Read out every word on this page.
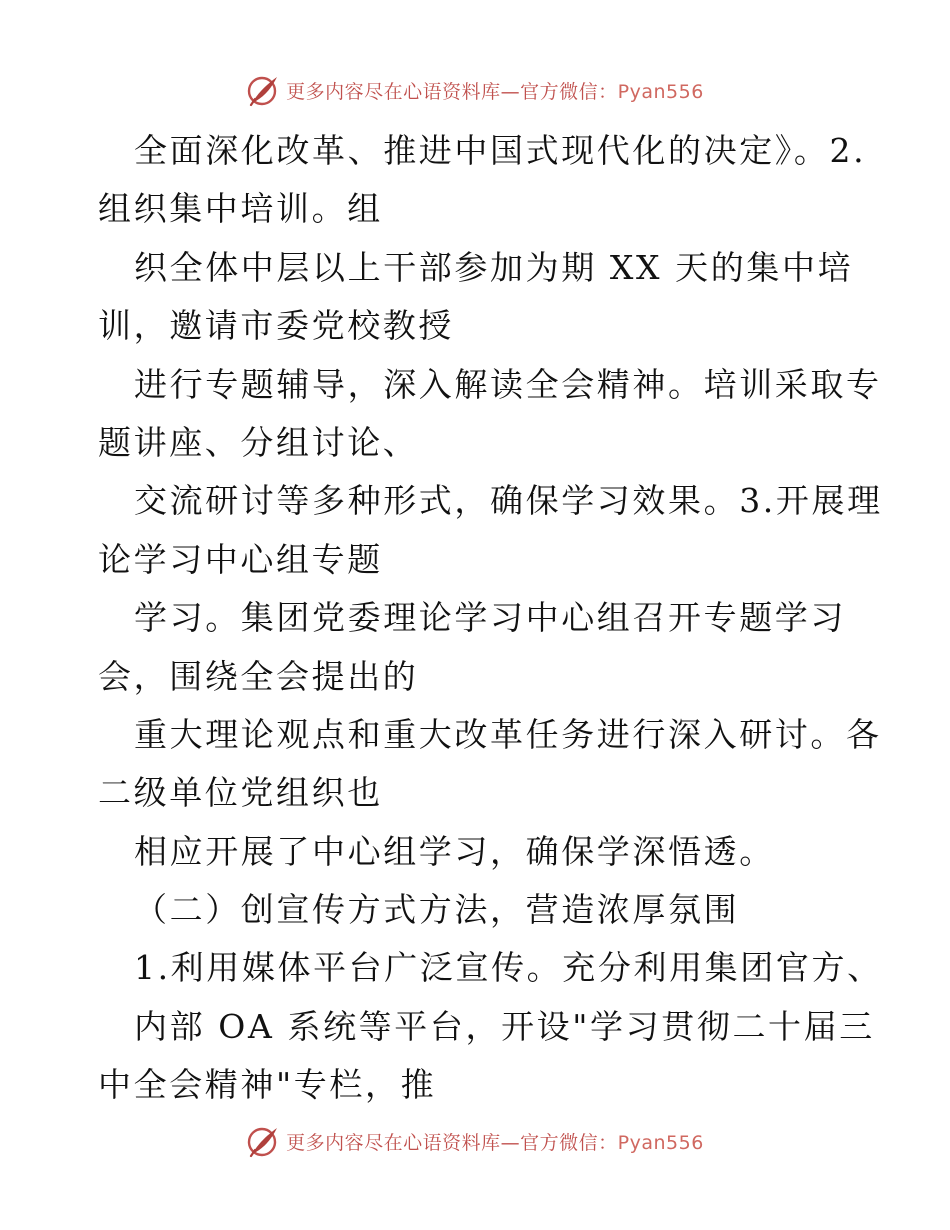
更多内容尽在心语资料库—官方微信：Pyan556
全面深化改革、推进中国式现代化的决定》。2.
组织集中培训。组
织全体中层以上干部参加为期 XX 天的集中培
训，邀请市委党校教授
进行专题辅导，深入解读全会精神。培训采取专
题讲座、分组讨论、
交流研讨等多种形式，确保学习效果。3.开展理
论学习中心组专题
学习。集团党委理论学习中心组召开专题学习
会，围绕全会提出的
重大理论观点和重大改革任务进行深入研讨。各
二级单位党组织也
相应开展了中心组学习，确保学深悟透。
（二）创宣传方式方法，营造浓厚氛围
1.利用媒体平台广泛宣传。充分利用集团官方、
内部 OA 系统等平台，开设"学习贯彻二十届三
中全会精神"专栏，推
更多内容尽在心语资料库—官方微信：Pyan556
